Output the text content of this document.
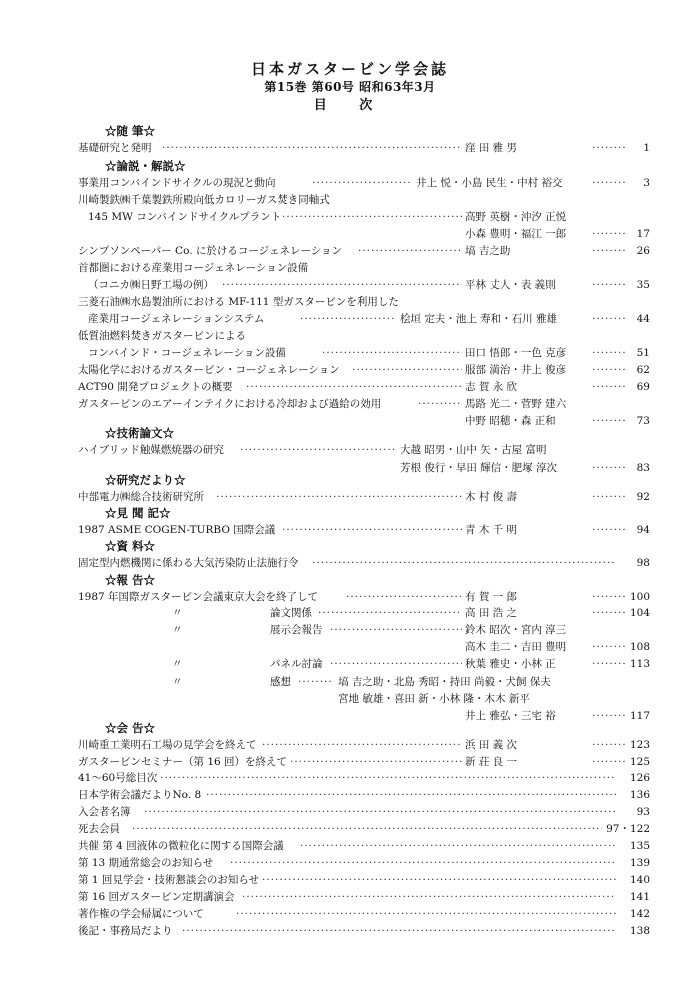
日本ガスタービン学会誌
第15巻 第60号 昭和63年3月
目 次
☆随 筆☆
基礎研究と発明 ·····	窪 田 雅 男 ·····	1
☆論説・解説☆
事業用コンバインドサイクルの現況と動向 ·····	井上 悦・小島 民生・中村 裕交 ·····	3
川崎製鉄㈱千葉製鉄所殿向低カロリーガス焚き同軸式
145 MW コンバインドサイクルプラント ·····	高野 英樹・沖汐 正悦
小森 豊明・福江 一郎 ·····	17
シンプソンペーパー Co. に於けるコージェネレーション ·····	塙 吉之助 ·····	26
首都圏における産業用コージェネレーション設備
（コニカ㈱日野工場の例） ·····	平林 丈人・表 義則 ·····	35
三菱石油㈱水島製油所における MF-111 型ガスタービンを利用した
産業用コージェネレーションシステム ·····	桧垣 定夫・池上 寿和・石川 雅雄 ·····	44
低質油燃料焚きガスタービンによる
コンバインド・コージェネレーション設備 ·····	田口 悟郎・一色 克彦 ·····	51
太陽化学におけるガスタービン・コージェネレーション ·····	服部 満治・井上 俊彦 ·····	62
ACT90 開発プロジェクトの概要 ·····	志 賀 永 欣 ·····	69
ガスタービンのエアーインテイクにおける冷却および過給の効用 ·····	馬路 光二・菅野 建六
中野 昭穂・森 正和 ·····	73
☆技術論文☆
ハイブリッド触媒燃焼器の研究 ·····	大越 昭男・山中 矢・古屋 富明
芳根 俊行・早田 輝信・肥塚 淳次 ·····	83
☆研究だより☆
中部電力㈱総合技術研究所 ·····	木 村 俊 壽 ·····	92
☆見 聞 記☆
1987 ASME COGEN-TURBO 国際会議 ·····	青 木 千 明 ·····	94
☆資 料☆
固定型内燃機関に係わる大気汚染防止法施行令 ·····	98
☆報 告☆
1987 年国際ガスタービン会議東京大会を終了して ·····	有 賀 一 郎 ·····	100
〃	論文関係 ·····	高 田 浩 之 ·····	104
〃	展示会報告 ·····	鈴木 昭次・宮内 淳三
高木 圭二・吉田 豊明 ·····	108
〃	パネル討論 ·····	秋葉 雅史・小林 正 ·····	113
〃	感想 ·····	塙 吉之助・北島 秀昭・持田 尚毅・犬飼 保夫
宮地 敏雄・喜田 新・小林 隆・木木 新平
井上 雅弘・三宅 裕 ·····	117
☆会 告☆
川崎重工業明石工場の見学会を終えて ·····	浜 田 義 次 ·····	123
ガスタービンセミナー（第 16 回）を終えて ·····	新 荘 良 一 ·····	125
41～60号総目次 ·····	126
日本学術会議だよりNo. 8 ·····	136
入会者名簿 ·····	93
死去会員 ·····	97・122
共催 第 4 回液体の微粒化に関する国際会議 ·····	135
第 13 期通常総会のお知らせ ·····	139
第 1 回見学会・技術懇談会のお知らせ ·····	140
第 16 回ガスタービン定期講演会 ·····	141
著作権の学会帰属について ·····	142
後記・事務局だより ·····	138
